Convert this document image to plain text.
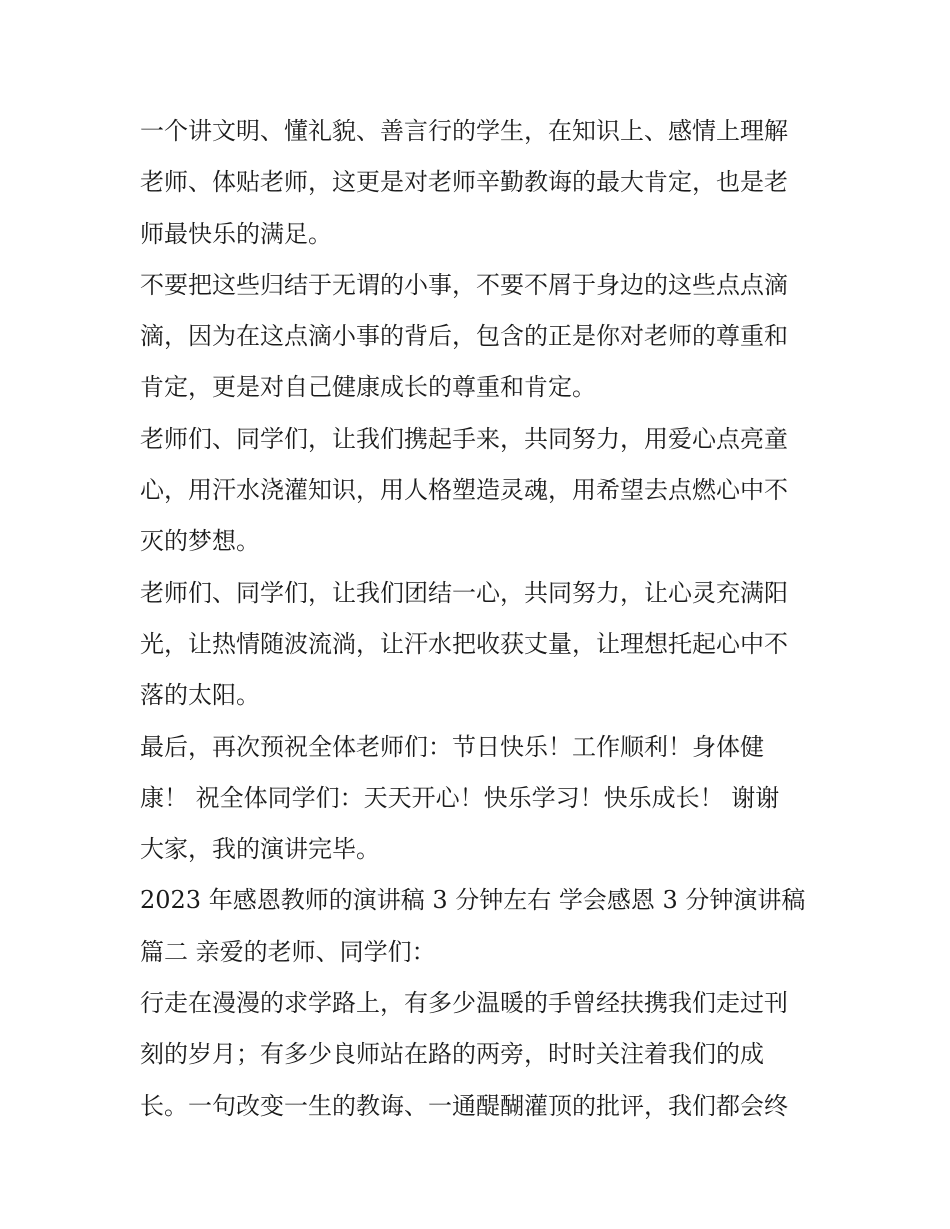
一个讲文明、懂礼貌、善言行的学生，在知识上、感情上理解
老师、体贴老师，这更是对老师辛勤教诲的最大肯定，也是老
师最快乐的满足。
不要把这些归结于无谓的小事，不要不屑于身边的这些点点滴
滴，因为在这点滴小事的背后，包含的正是你对老师的尊重和
肯定，更是对自己健康成长的尊重和肯定。
老师们、同学们，让我们携起手来，共同努力，用爱心点亮童
心，用汗水浇灌知识，用人格塑造灵魂，用希望去点燃心中不
灭的梦想。
老师们、同学们，让我们团结一心，共同努力，让心灵充满阳
光，让热情随波流淌，让汗水把收获丈量，让理想托起心中不
落的太阳。
最后，再次预祝全体老师们：节日快乐！工作顺利！身体健
康！ 祝全体同学们：天天开心！快乐学习！快乐成长！ 谢谢
大家，我的演讲完毕。
2023 年感恩教师的演讲稿 3 分钟左右 学会感恩 3 分钟演讲稿
篇二 亲爱的老师、同学们：
行走在漫漫的求学路上，有多少温暖的手曾经扶携我们走过刊
刻的岁月；有多少良师站在路的两旁，时时关注着我们的成
长。一句改变一生的教诲、一通醍醐灌顶的批评，我们都会终
